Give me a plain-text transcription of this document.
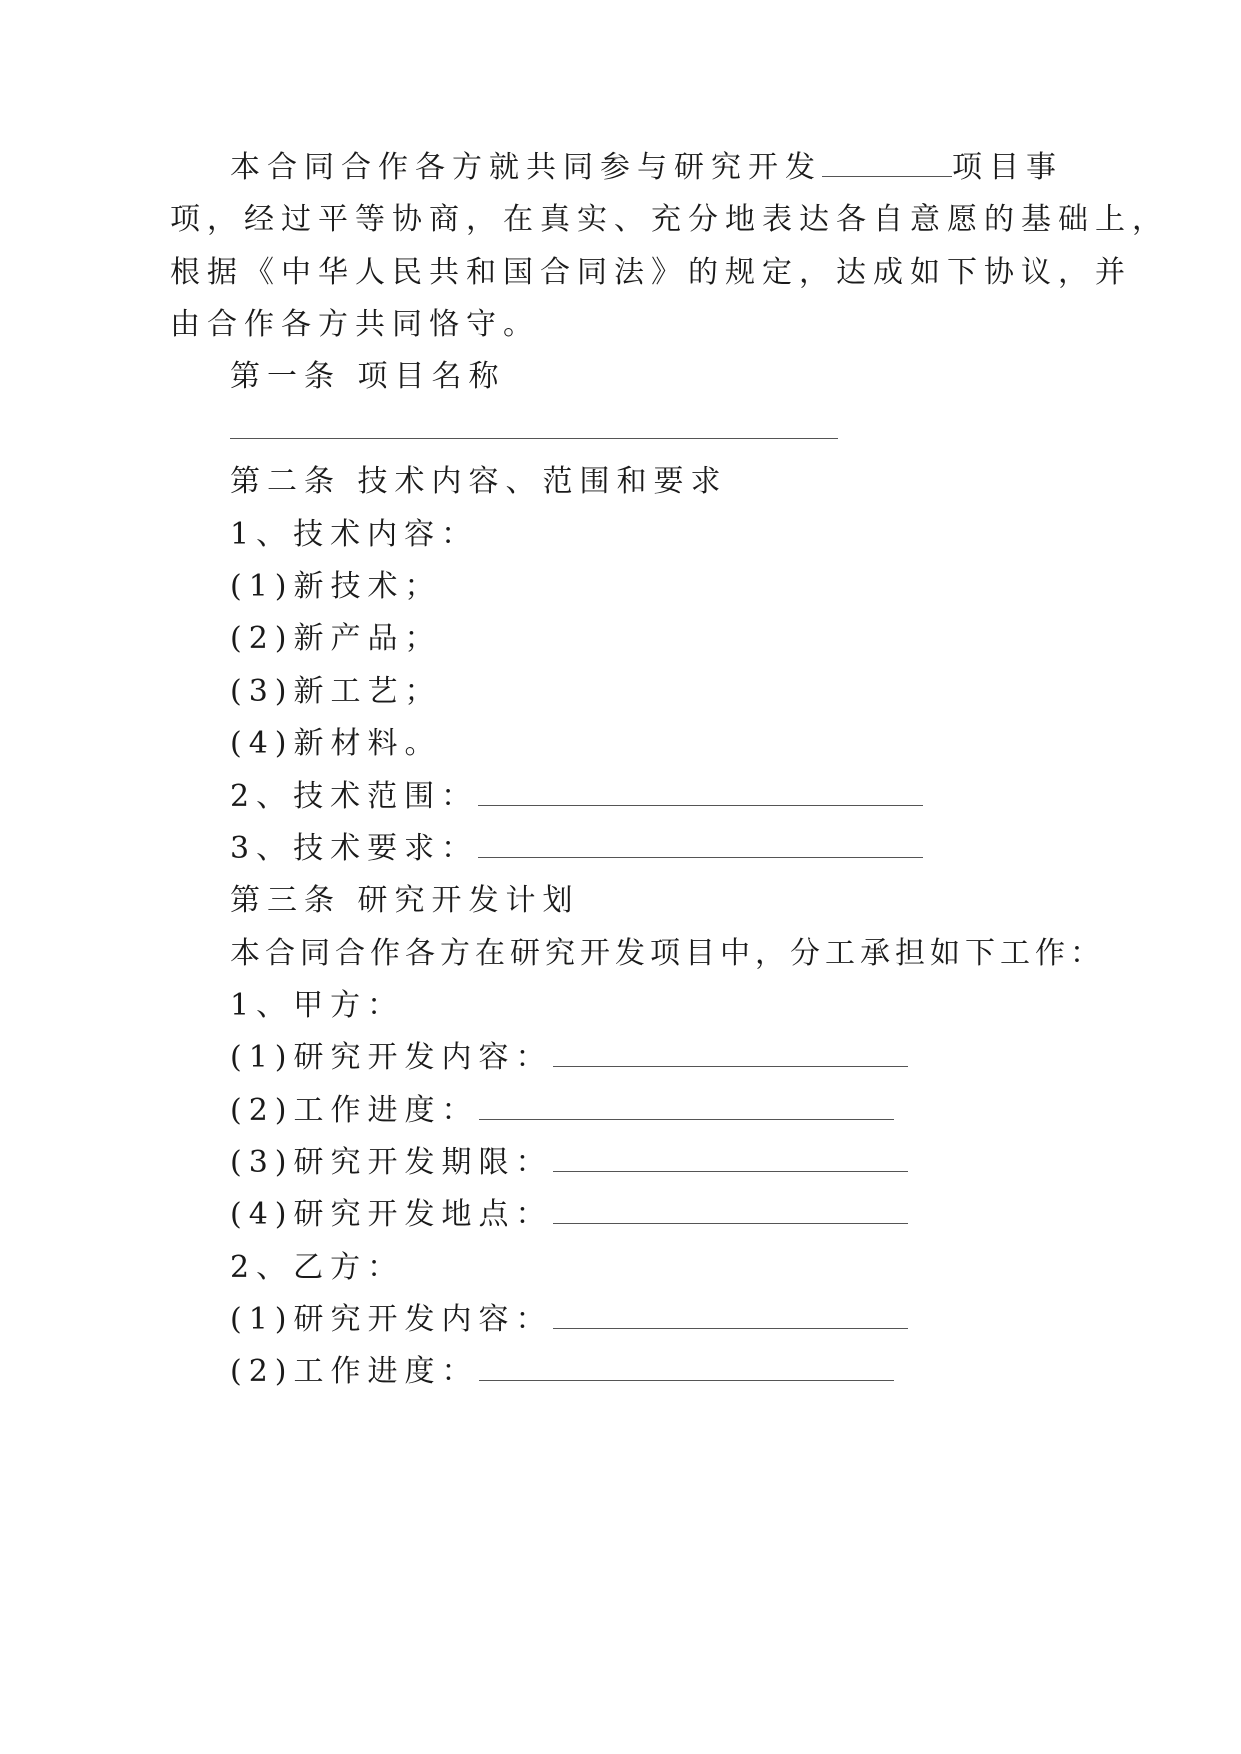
本合同合作各方就共同参与研究开发	项目事
项，经过平等协商，在真实、充分地表达各自意愿的基础上，
根据《中华人民共和国合同法》的规定，达成如下协议，并
由合作各方共同恪守。
第一条 项目名称
第二条 技术内容、范围和要求
1、技术内容：
(1)新技术；
(2)新产品；
(3)新工艺；
(4)新材料。
2、技术范围：
3、技术要求：
第三条 研究开发计划
本合同合作各方在研究开发项目中，分工承担如下工作：
1、甲方：
(1)研究开发内容：
(2)工作进度：
(3)研究开发期限：
(4)研究开发地点：
2、乙方：
(1)研究开发内容：
(2)工作进度：
